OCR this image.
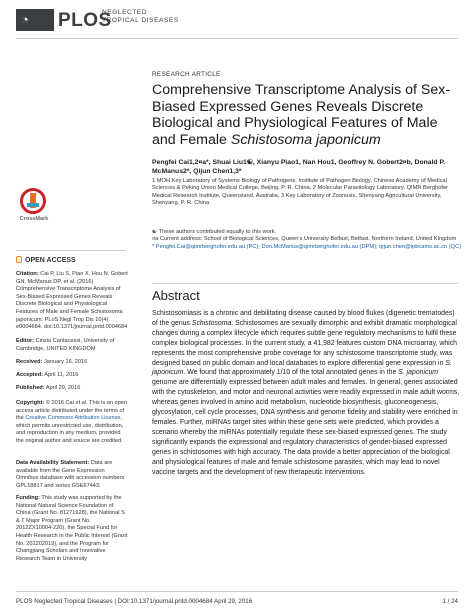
◔ PLOS
NEGLECTED
TROPICAL DISEASES
CrossMark
OPEN ACCESS
Citation: Cai P, Liu S, Piao X, Hou N, Gobert GN, McManus DP, et al. (2016) Comprehensive Transcriptome Analysis of Sex-Biased Expressed Genes Reveals Discrete Biological and Physiological Features of Male and Female Schistosoma japonicum. PLoS Negl Trop Dis 10(4): e0004684. doi:10.1371/journal.pntd.0004684
Editor: Cinzia Cantacessi, University of Cambridge, UNITED KINGDOM
Received: January 16, 2016
Accepted: April 11, 2016
Published: April 29, 2016
Copyright: © 2016 Cai et al. This is an open access article distributed under the terms of the Creative Commons Attribution License, which permits unrestricted use, distribution, and reproduction in any medium, provided the original author and source are credited.
Data Availability Statement: Data are available from the Gene Expression Omnibus database with accession numbers GPL18817 and series GSE67443.
Funding: This study was supported by the National Natural Science Foundation of China (Grant No. 81271928), the National S & T Major Program (Grant No. 2012ZX10004-220), the Special Fund for Health Research in the Public Interest (Grant No. 201202019), and the Program for Changjiang Scholars and Innovative Research Team in University
RESEARCH ARTICLE
Comprehensive Transcriptome Analysis of Sex-Biased Expressed Genes Reveals Discrete Biological and Physiological Features of Male and Female Schistosoma japonicum
Pengfei Cai1,2¤a*, Shuai Liu1☯, Xianyu Piao1, Nan Hou1, Geoffrey N. Gobert2¤b, Donald P. McManus2*, Qijun Chen1,3*
1 MOH Key Laboratory of Systems Biology of Pathogens, Institute of Pathogen Biology, Chinese Academy of Medical Sciences & Peking Union Medical College, Beijing, P. R. China, 2 Molecular Parasitology Laboratory, QIMR Berghofer Medical Research Institute, Queensland, Australia, 3 Key Laboratory of Zoonosis, Shenyang Agricultural University, Shenyang, P. R. China
☯ These authors contributed equally to this work.
¤a Current address: School of Biological Sciences, Queen's University Belfast, Belfast, Northern Ireland, United Kingdom
* Pengfei.Cai@qimrberghofer.edu.au (PC); Don.McManus@qimrberghofer.edu.au (DPM); qijun.chen@ipbcams.ac.cn (QC)
Abstract
Schistosomiasis is a chronic and debilitating disease caused by blood flukes (digenetic trematodes) of the genus Schistosoma. Schistosomes are sexually dimorphic and exhibit dramatic morphological changes during a complex lifecycle which requires subtle gene regulatory mechanisms to fulfil these complex biological processes. In the current study, a 41,982 features custom DNA microarray, which represents the most comprehensive probe coverage for any schistosome transcriptome study, was designed based on public domain and local databases to explore differential gene expression in S. japonicum. We found that approximately 1/10 of the total annotated genes in the S. japonicum genome are differentially expressed between adult males and females. In general, genes associated with the cytoskeleton, and motor and neuronal activities were readily expressed in male adult worms, whereas genes involved in amino acid metabolism, nucleotide biosynthesis, gluconeogenesis, glycosylation, cell cycle processes, DNA synthesis and genome fidelity and stability were enriched in females. Further, miRNAs target sites within these gene sets were predicted, which provides a scenario whereby the miRNAs potentially regulate these sex-biased expressed genes. The study significantly expands the expressional and regulatory characteristics of gender-biased expressed genes in schistosomes with high accuracy. The data provide a better appreciation of the biological and physiological features of male and female schistosome parasites, which may lead to novel vaccine targets and the development of new therapeutic interventions.
PLOS Neglected Tropical Diseases | DOI:10.1371/journal.pntd.0004684 April 29, 2016	1 / 24
